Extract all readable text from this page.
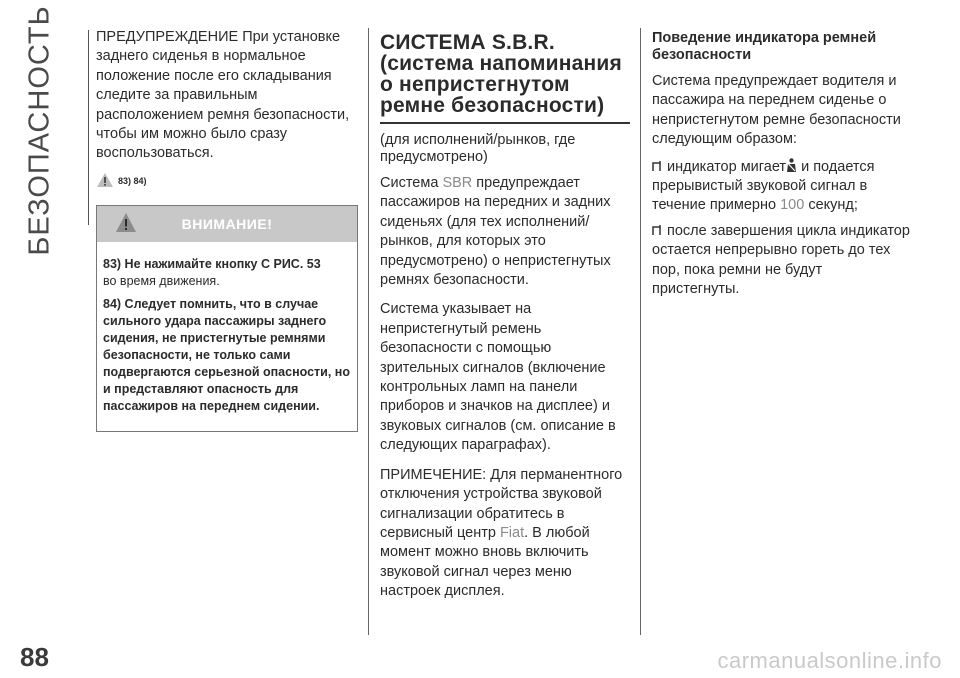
БЕЗОПАСНОСТЬ	ПРЕДУПРЕЖДЕНИЕ При установке заднего сиденья в нормальное положение после его складывания следите за правильным расположением ремня безопасности, чтобы им можно было сразу воспользоваться.

83) 84)
ВНИМАНИЕ!

83) Не нажимайте кнопку C РИС. 53
во время движения.

84) Следует помнить, что в случае сильного удара пассажиры заднего сидения, не пристегнутые ремнями безопасности, не только сами подвергаются серьезной опасности, но и представляют опасность для пассажиров на переднем сидении.

СИСТЕМА S.B.R. (система напоминания о непристегнутом ремне безопасности)
(для исполнений/рынков, где предусмотрено)

Система SBR предупреждает пассажиров на передних и задних сиденьях (для тех исполнений/рынков, для которых это предусмотрено) о непристегнутых ремнях безопасности.

Система указывает на непристегнутый ремень безопасности с помощью зрительных сигналов (включение контрольных ламп на панели приборов и значков на дисплее) и звуковых сигналов (см. описание в следующих параграфах).

ПРИМЕЧЕНИЕ: Для перманентного отключения устройства звуковой сигнализации обратитесь в сервисный центр Fiat. В любой момент можно вновь включить звуковой сигнал через меню настроек дисплея.

Поведение индикатора ремней безопасности

Система предупреждает водителя и пассажира на переднем сиденье о непристегнутом ремне безопасности следующим образом:

индикатор мигает и подается прерывистый звуковой сигнал в течение примерно 100 секунд;
после завершения цикла индикатор остается непрерывно гореть до тех пор, пока ремни не будут пристегнуты.
88	carmanualsonline.info
